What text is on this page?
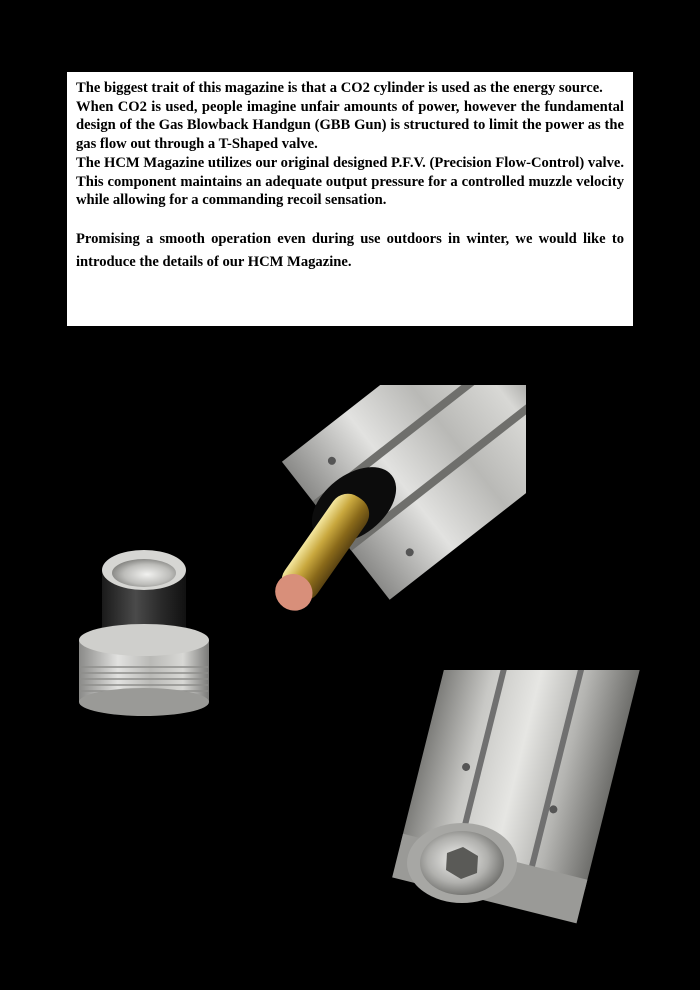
The biggest trait of this magazine is that a CO2 cylinder is used as the energy source.

When CO2 is used, people imagine unfair amounts of power, however the fundamental design of the Gas Blowback Handgun (GBB Gun) is structured to limit the power as the gas flow out through a T-Shaped valve.

The HCM Magazine utilizes our original designed P.F.V. (Precision Flow-Control) valve. This component maintains an adequate output pressure for a controlled muzzle velocity while allowing for a commanding recoil sensation.

Promising a smooth operation even during use outdoors in winter, we would like to introduce the details of our HCM Magazine.
